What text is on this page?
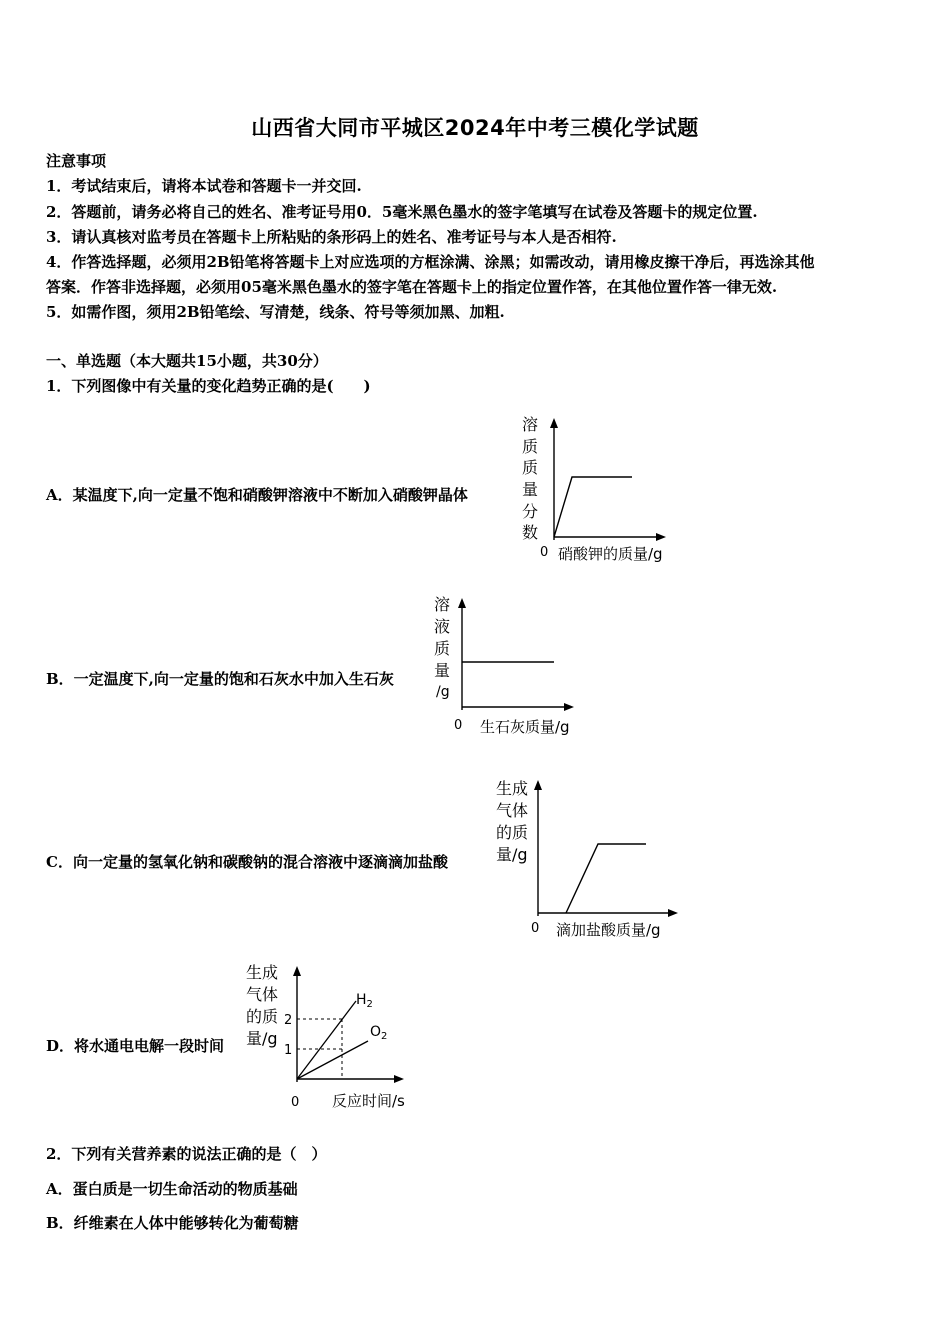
山西省大同市平城区2024年中考三模化学试题
注意事项
1．考试结束后，请将本试卷和答题卡一并交回.
2．答题前，请务必将自己的姓名、准考证号用0．5毫米黑色墨水的签字笔填写在试卷及答题卡的规定位置.
3．请认真核对监考员在答题卡上所粘贴的条形码上的姓名、准考证号与本人是否相符.
4．作答选择题，必须用2B铅笔将答题卡上对应选项的方框涂满、涂黑；如需改动，请用橡皮擦干净后，再选涂其他
答案．作答非选择题，必须用05毫米黑色墨水的签字笔在答题卡上的指定位置作答，在其他位置作答一律无效.
5．如需作图，须用2B铅笔绘、写清楚，线条、符号等须加黑、加粗.
一、单选题（本大题共15小题，共30分）
1．下列图像中有关量的变化趋势正确的是(　　)
A．某温度下,向一定量不饱和硝酸钾溶液中不断加入硝酸钾晶体
溶
质
质
量
分
数
0 硝酸钾的质量/g
B．一定温度下,向一定量的饱和石灰水中加入生石灰
溶
液
质
量
/g
0 生石灰质量/g
C．向一定量的氢氧化钠和碳酸钠的混合溶液中逐滴滴加盐酸
生成
气体
的质
量/g
0 滴加盐酸质量/g
D．将水通电电解一段时间
生成
气体
的质
量/g
2
1
$H_2$
$O_2$
0 反应时间/s
2．下列有关营养素的说法正确的是（　）
A．蛋白质是一切生命活动的物质基础
B．纤维素在人体中能够转化为葡萄糖
